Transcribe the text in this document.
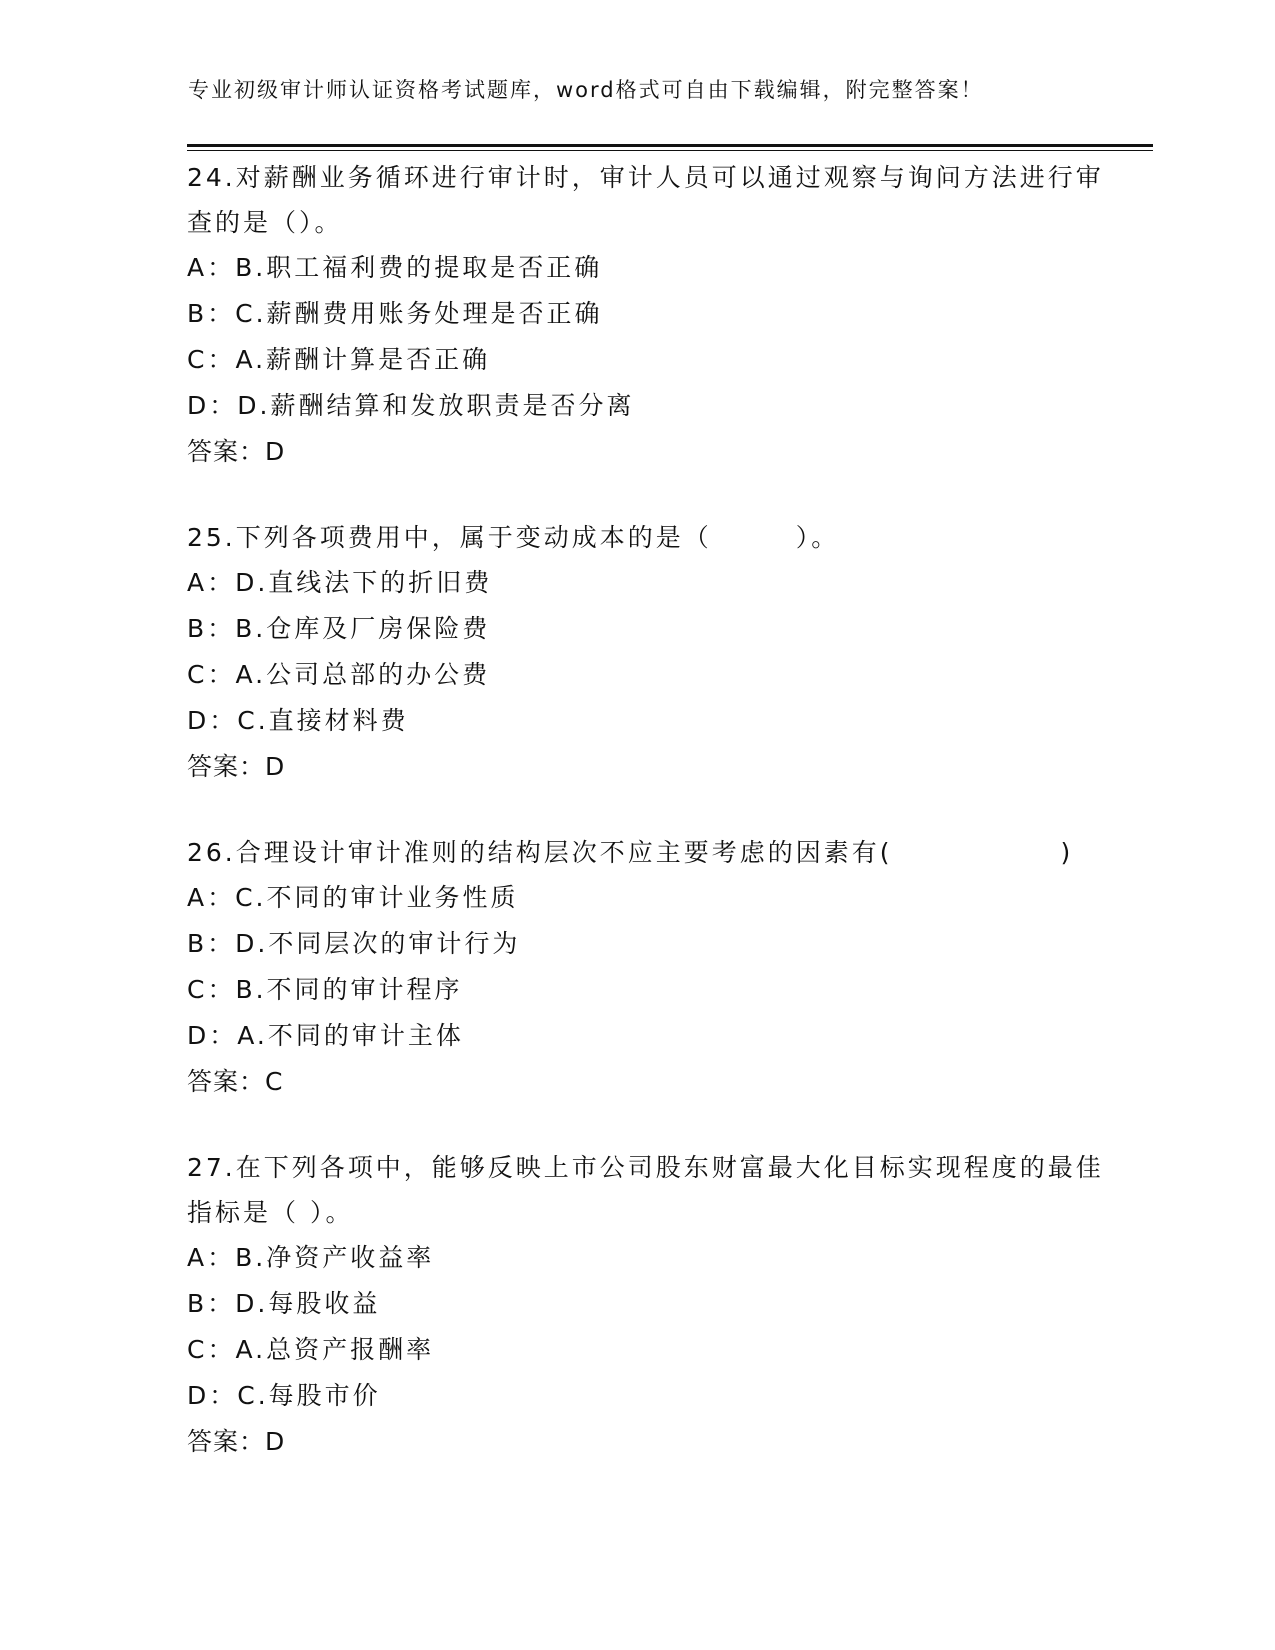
专业初级审计师认证资格考试题库，word格式可自由下载编辑，附完整答案！

24.对薪酬业务循环进行审计时，审计人员可以通过观察与询问方法进行审查的是（）。

A：B.职工福利费的提取是否正确

B：C.薪酬费用账务处理是否正确

C：A.薪酬计算是否正确

D：D.薪酬结算和发放职责是否分离

答案：D

25.下列各项费用中，属于变动成本的是（　　　）。

A：D.直线法下的折旧费

B：B.仓库及厂房保险费

C：A.公司总部的办公费

D：C.直接材料费

答案：D

26.合理设计审计准则的结构层次不应主要考虑的因素有(　　　　　　)

A：C.不同的审计业务性质

B：D.不同层次的审计行为

C：B.不同的审计程序

D：A.不同的审计主体

答案：C

27.在下列各项中，能够反映上市公司股东财富最大化目标实现程度的最佳指标是（ ）。

A：B.净资产收益率

B：D.每股收益

C：A.总资产报酬率

D：C.每股市价

答案：D
